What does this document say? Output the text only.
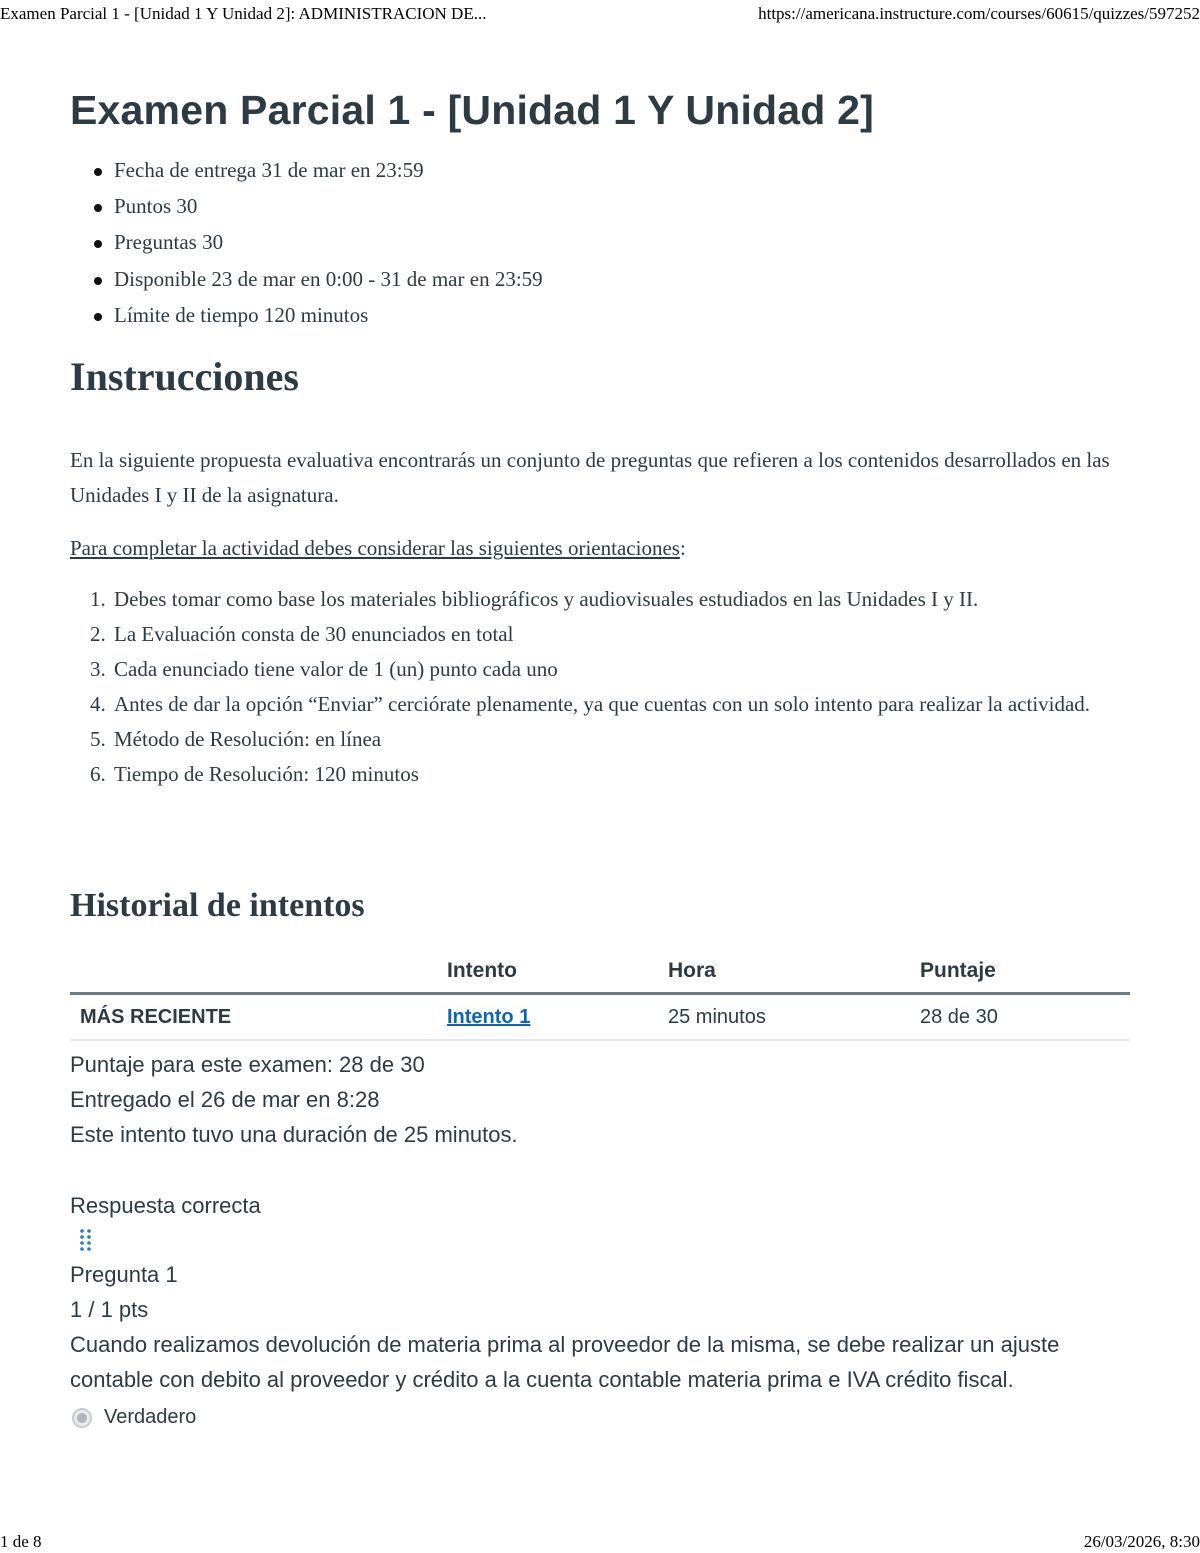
Examen Parcial 1 - [Unidad 1 Y Unidad 2]: ADMINISTRACION DE...	https://americana.instructure.com/courses/60615/quizzes/597252
Examen Parcial 1 - [Unidad 1 Y Unidad 2]
Fecha de entrega 31 de mar en 23:59
Puntos 30
Preguntas 30
Disponible 23 de mar en 0:00 - 31 de mar en 23:59
Límite de tiempo 120 minutos
Instrucciones

En la siguiente propuesta evaluativa encontrarás un conjunto de preguntas que refieren a los contenidos desarrollados en las Unidades I y II de la asignatura.

Para completar la actividad debes considerar las siguientes orientaciones:

1. Debes tomar como base los materiales bibliográficos y audiovisuales estudiados en las Unidades I y II.
2. La Evaluación consta de 30 enunciados en total
3. Cada enunciado tiene valor de 1 (un) punto cada uno
4. Antes de dar la opción “Enviar” cerciórate plenamente, ya que cuentas con un solo intento para realizar la actividad.
5. Método de Resolución: en línea
6. Tiempo de Resolución: 120 minutos
Historial de intentos
	Intento	Hora	Puntaje
MÁS RECIENTE	Intento 1	25 minutos	28 de 30
Puntaje para este examen: 28 de 30
Entregado el 26 de mar en 8:28
Este intento tuvo una duración de 25 minutos.
Respuesta correcta
Pregunta 1
1 / 1 pts
Cuando realizamos devolución de materia prima al proveedor de la misma, se debe realizar un ajuste contable con debito al proveedor y crédito a la cuenta contable materia prima e IVA crédito fiscal.
Verdadero
1 de 8	26/03/2026, 8:30
